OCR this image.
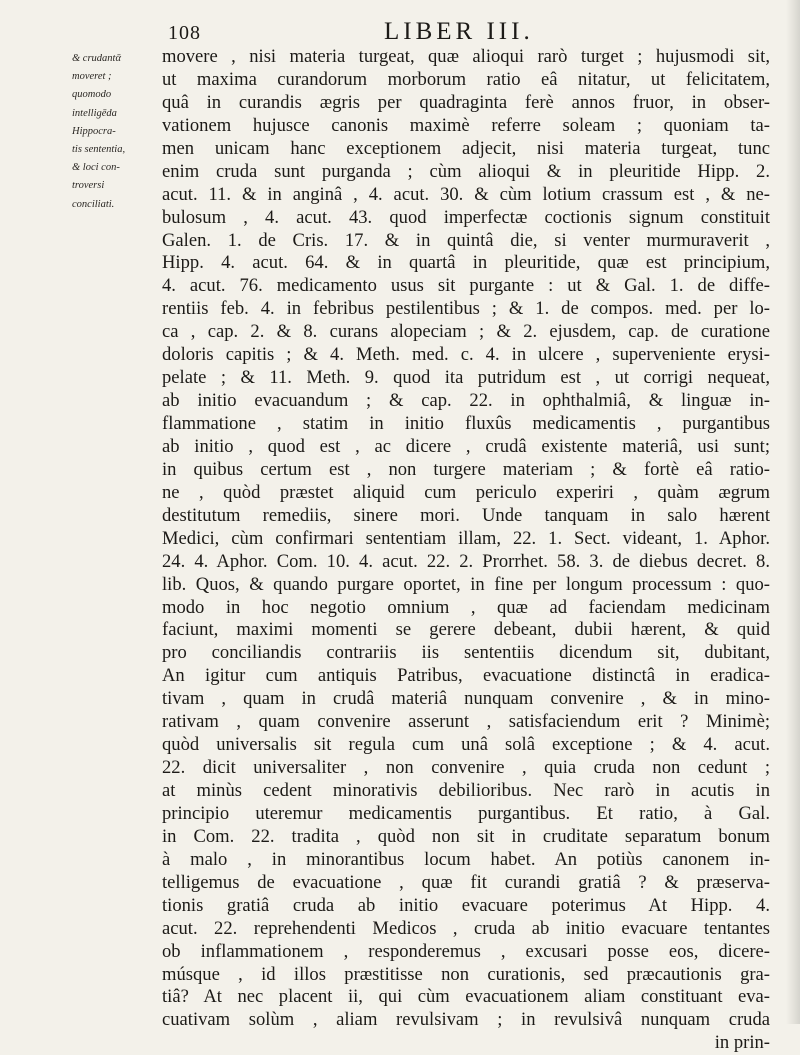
108	LIBER III.
& crudantᾱ
moveret ;
quomodo
intelligēda
Hippocra-
tis sententia,
& loci con-
troversi
conciliati.
movere , nisi materia turgeat, quæ alioqui rarò turget ; hujusmodi sit,
ut maxima curandorum morborum ratio eâ nitatur, ut felicitatem,
quâ in curandis ægris per quadraginta ferè annos fruor, in obser-
vationem hujusce canonis maximè referre soleam ; quoniam ta-
men unicam hanc exceptionem adjecit, nisi materia turgeat, tunc
enim cruda sunt purganda ; cùm alioqui & in pleuritide Hipp. 2.
acut. 11. & in anginâ , 4. acut. 30. & cùm lotium crassum est , & ne-
bulosum , 4. acut. 43. quod imperfectæ coctionis signum constituit
Galen. 1. de Cris. 17. & in quintâ die, si venter murmuraverit ,
Hipp. 4. acut. 64. & in quartâ in pleuritide, quæ est principium,
4. acut. 76. medicamento usus sit purgante : ut & Gal. 1. de diffe-
rentiis feb. 4. in febribus pestilentibus ; & 1. de compos. med. per lo-
ca , cap. 2. & 8. curans alopeciam ; & 2. ejusdem, cap. de curatione
doloris capitis ; & 4. Meth. med. c. 4. in ulcere , superveniente erysi-
pelate ; & 11. Meth. 9. quod ita putridum est , ut corrigi nequeat,
ab initio evacuandum ; & cap. 22. in ophthalmiâ, & linguæ in-
flammatione , statim in initio fluxûs medicamentis , purgantibus
ab initio , quod est , ac dicere , crudâ existente materiâ, usi sunt;
in quibus certum est , non turgere materiam ; & fortè eâ ratio-
ne , quòd præstet aliquid cum periculo experiri , quàm ægrum
destitutum remediis, sinere mori. Unde tanquam in salo hærent
Medici, cùm confirmari sententiam illam, 22. 1. Sect. videant, 1. Aphor.
24. 4. Aphor. Com. 10. 4. acut. 22. 2. Prorrhet. 58. 3. de diebus decret. 8.
lib. Quos, & quando purgare oportet, in fine per longum processum : quo-
modo in hoc negotio omnium , quæ ad faciendam medicinam
faciunt, maximi momenti se gerere debeant, dubii hærent, & quid
pro conciliandis contrariis iis sententiis dicendum sit, dubitant,
An igitur cum antiquis Patribus, evacuatione distinctâ in eradica-
tivam , quam in crudâ materiâ nunquam convenire , & in mino-
rativam , quam convenire asserunt , satisfaciendum erit ? Minimè;
quòd universalis sit regula cum unâ solâ exceptione ; & 4. acut.
22. dicit universaliter , non convenire , quia cruda non cedunt ;
at minùs cedent minorativis debilioribus. Nec rarò in acutis in
principio uteremur medicamentis purgantibus. Et ratio, à Gal.
in Com. 22. tradita , quòd non sit in cruditate separatum bonum
à malo , in minorantibus locum habet. An potiùs canonem in-
telligemus de evacuatione , quæ fit curandi gratiâ ? & præserva-
tionis gratiâ cruda ab initio evacuare poterimus At Hipp. 4.
acut. 22. reprehendenti Medicos , cruda ab initio evacuare tentantes
ob inflammationem , responderemus , excusari posse eos, dicere-
músque , id illos præstitisse non curationis, sed præcautionis gra-
tiâ? At nec placent ii, qui cùm evacuationem aliam constituant eva-
cuativam solùm , aliam revulsivam ; in revulsivâ nunquam cruda
in prin-
